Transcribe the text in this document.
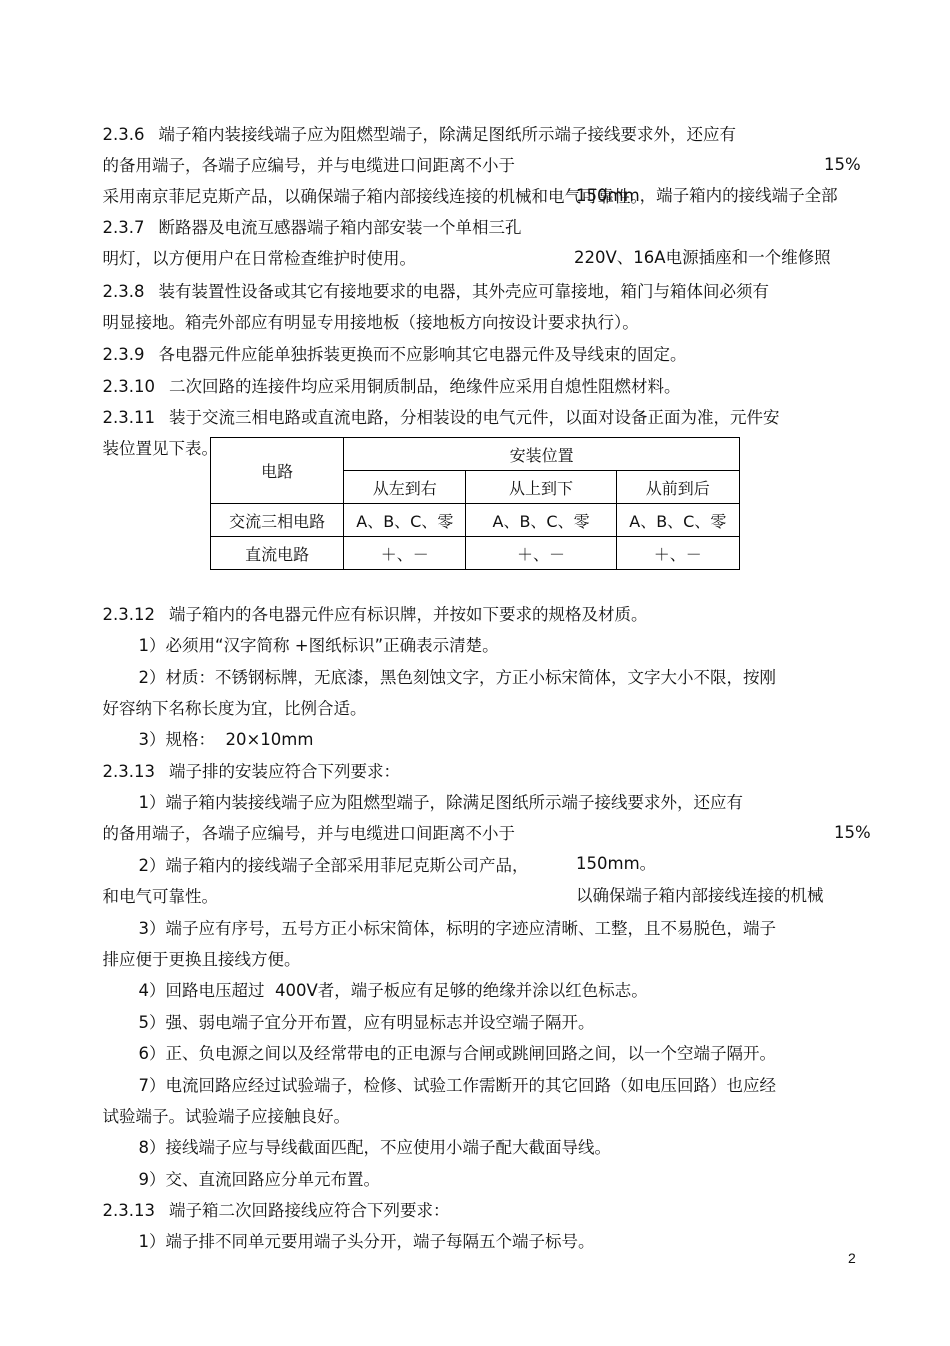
2.3.6 端子箱内装接线端子应为阻燃型端子，除满足图纸所示端子接线要求外，还应有

15%

的备用端子，各端子应编号，并与电缆进口间距离不小于

150mm，端子箱内的接线端子全部

采用南京菲尼克斯产品，以确保端子箱内部接线连接的机械和电气可靠性。

2.3.7 断路器及电流互感器端子箱内部安装一个单相三孔

220V、16A电源插座和一个维修照

明灯，以方便用户在日常检查维护时使用。

2.3.8 装有装置性设备或其它有接地要求的电器，其外壳应可靠接地，箱门与箱体间必须有

明显接地。箱壳外部应有明显专用接地板（接地板方向按设计要求执行）。

2.3.9 各电器元件应能单独拆装更换而不应影响其它电器元件及导线束的固定。

2.3.10 二次回路的连接件均应采用铜质制品，绝缘件应采用自熄性阻燃材料。

2.3.11 装于交流三相电路或直流电路，分相装设的电气元件，以面对设备正面为准，元件安

装位置见下表。

电路	安装位置		
	从左到右	从上到下	从前到后
交流三相电路	A、B、C、零	A、B、C、零	A、B、C、零
直流电路	＋、－	＋、－	＋、－

2.3.12 端子箱内的各电器元件应有标识牌，并按如下要求的规格及材质。

1）必须用“汉字简称 +图纸标识”正确表示清楚。

2）材质：不锈钢标牌，无底漆，黑色刻蚀文字，方正小标宋简体，文字大小不限，按刚

好容纳下名称长度为宜，比例合适。

3）规格：  20×10mm

2.3.13 端子排的安装应符合下列要求：

1）端子箱内装接线端子应为阻燃型端子，除满足图纸所示端子接线要求外，还应有

15%

的备用端子，各端子应编号，并与电缆进口间距离不小于

150mm。

2）端子箱内的接线端子全部采用菲尼克斯公司产品，

以确保端子箱内部接线连接的机械

和电气可靠性。

3）端子应有序号，五号方正小标宋简体，标明的字迹应清晰、工整，且不易脱色，端子

排应便于更换且接线方便。

4）回路电压超过  400V者，端子板应有足够的绝缘并涂以红色标志。

5）强、弱电端子宜分开布置，应有明显标志并设空端子隔开。

6）正、负电源之间以及经常带电的正电源与合闸或跳闸回路之间，以一个空端子隔开。

7）电流回路应经过试验端子，检修、试验工作需断开的其它回路（如电压回路）也应经

试验端子。试验端子应接触良好。

8）接线端子应与导线截面匹配，不应使用小端子配大截面导线。

9）交、直流回路应分单元布置。

2.3.13 端子箱二次回路接线应符合下列要求：

1）端子排不同单元要用端子头分开，端子每隔五个端子标号。

2
